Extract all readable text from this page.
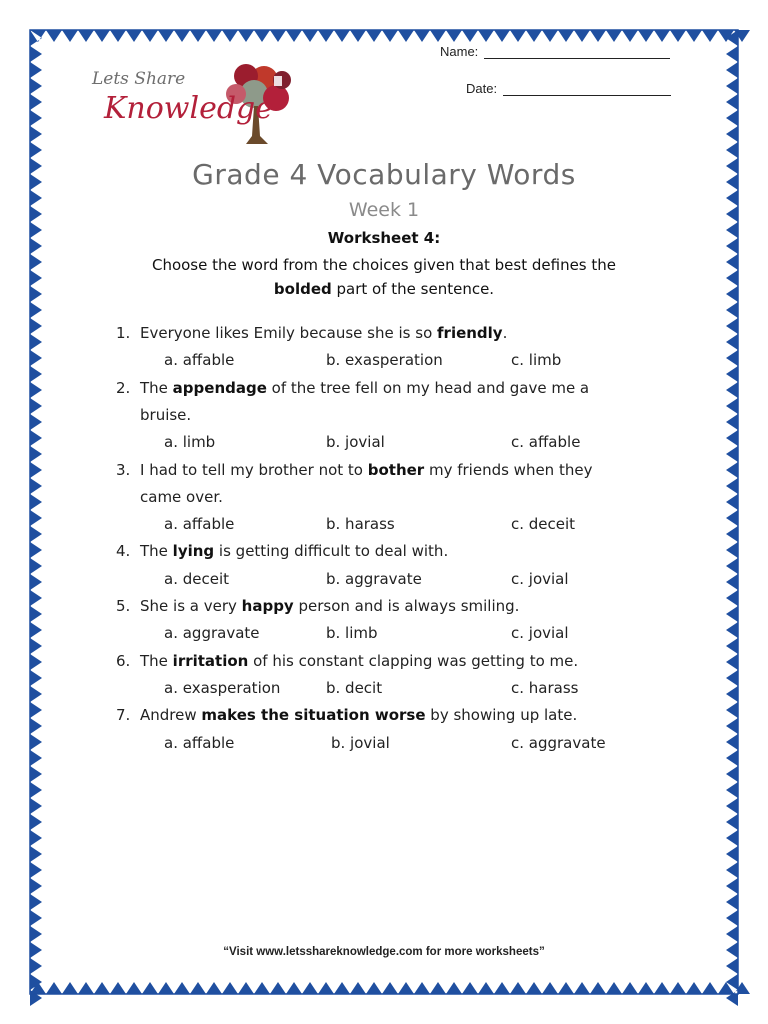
Lets Share
Knowledge
Name:
Date:
Grade 4 Vocabulary Words
Week 1
Worksheet 4:
Choose the word from the choices given that best defines the
bolded part of the sentence.
1. Everyone likes Emily because she is so friendly.
a. affable	b. exasperation	c. limb
2. The appendage of the tree fell on my head and gave me a
bruise.
a. limb	b. jovial	c. affable
3. I had to tell my brother not to bother my friends when they
came over.
a. affable	b. harass	c. deceit
4. The lying is getting difficult to deal with.
a. deceit	b. aggravate	c. jovial
5. She is a very happy person and is always smiling.
a. aggravate	b. limb	c. jovial
6. The irritation of his constant clapping was getting to me.
a. exasperation	b. decit	c. harass
7. Andrew makes the situation worse by showing up late.
a. affable	b. jovial	c. aggravate
“Visit www.letsshareknowledge.com for more worksheets”
